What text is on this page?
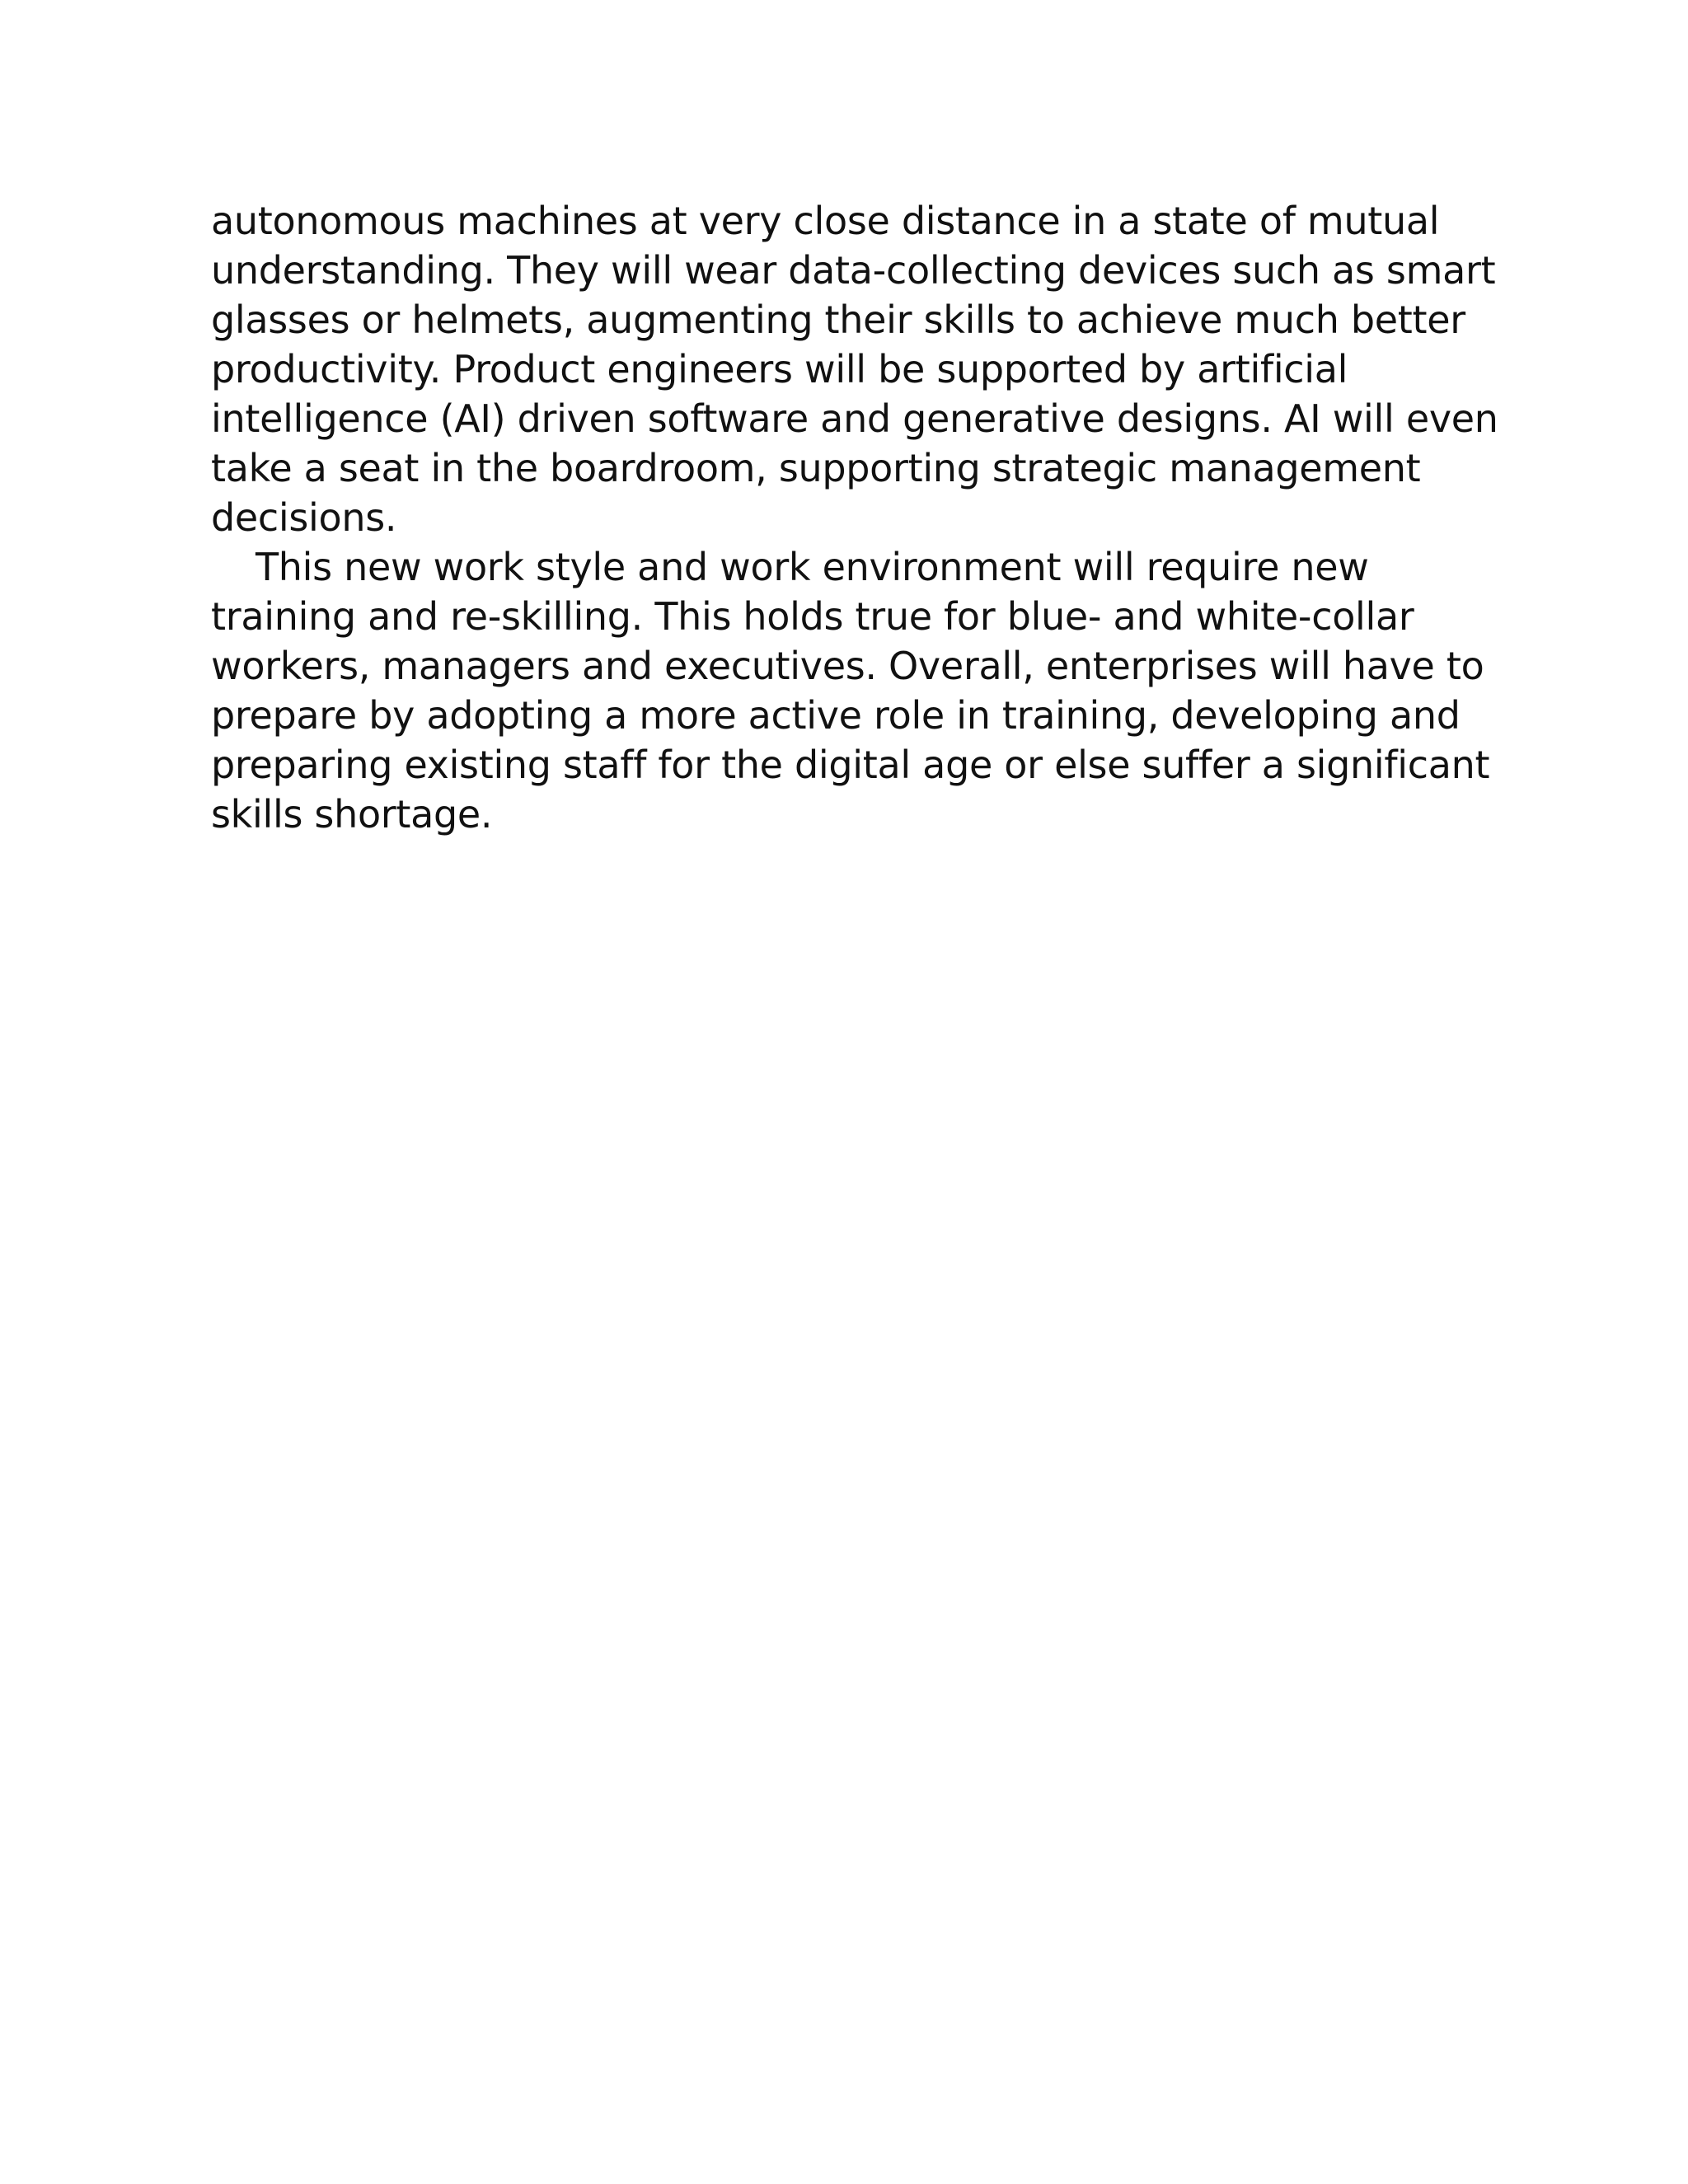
autonomous machines at very close distance in a state of mutual
understanding. They will wear data-collecting devices such as smart
glasses or helmets, augmenting their skills to achieve much better
productivity. Product engineers will be supported by artificial
intelligence (AI) driven software and generative designs. AI will even
take a seat in the boardroom, supporting strategic management
decisions.
This new work style and work environment will require new
training and re-skilling. This holds true for blue- and white-collar
workers, managers and executives. Overall, enterprises will have to
prepare by adopting a more active role in training, developing and
preparing existing staff for the digital age or else suffer a significant
skills shortage.
